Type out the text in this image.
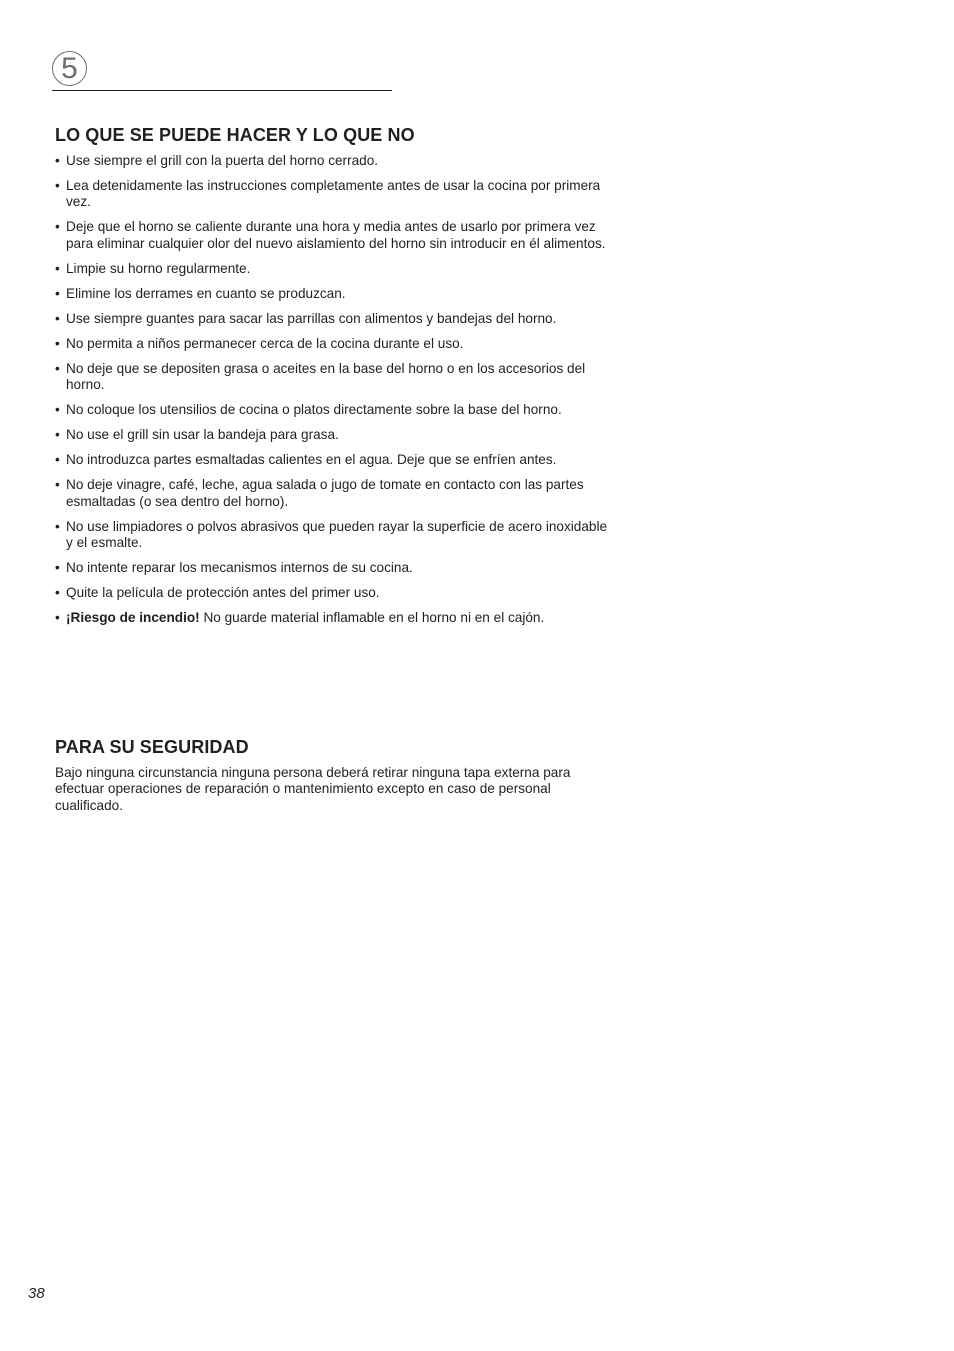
5
LO QUE SE PUEDE HACER Y LO QUE NO
• Use siempre el grill con la puerta del horno cerrado.
• Lea detenidamente las instrucciones completamente antes de usar la cocina por primera vez.
• Deje que el horno se caliente durante una hora y media antes de usarlo por primera vez para eliminar cualquier olor del nuevo aislamiento del horno sin introducir en él alimentos.
• Limpie su horno regularmente.
• Elimine los derrames en cuanto se produzcan.
• Use siempre guantes para sacar las parrillas con alimentos y bandejas del horno.
• No permita a niños permanecer cerca de la cocina durante el uso.
• No deje que se depositen grasa o aceites en la base del horno o en los accesorios del horno.
• No coloque los utensilios de cocina o platos directamente sobre la base del horno.
• No use el grill sin usar la bandeja para grasa.
• No introduzca partes esmaltadas calientes en el agua. Deje que se enfríen antes.
• No deje vinagre, café, leche, agua salada o jugo de tomate en contacto con las partes esmaltadas (o sea dentro del horno).
• No use limpiadores o polvos abrasivos que pueden rayar la superficie de acero inoxidable y el esmalte.
• No intente reparar los mecanismos internos de su cocina.
• Quite la película de protección antes del primer uso.
• ¡Riesgo de incendio! No guarde material inflamable en el horno ni en el cajón.
PARA SU SEGURIDAD

Bajo ninguna circunstancia ninguna persona deberá retirar ninguna tapa externa para efectuar operaciones de reparación o mantenimiento excepto en caso de personal cualificado.

38
